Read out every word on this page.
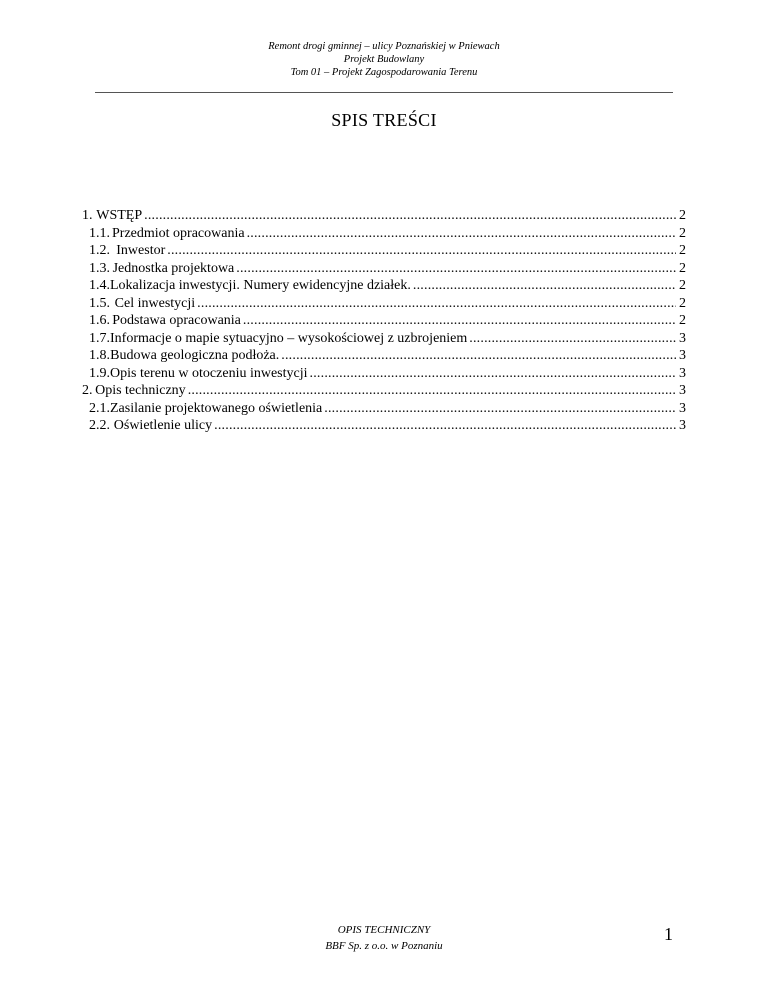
Remont drogi gminnej – ulicy Poznańskiej w Pniewach
Projekt Budowlany
Tom 01 – Projekt Zagospodarowania Terenu
SPIS TREŚCI
1. WSTĘP .....	2
1.1. Przedmiot opracowania .....	2
1.2. Inwestor .....	2
1.3. Jednostka projektowa .....	2
1.4. Lokalizacja inwestycji. Numery ewidencyjne działek. .....	2
1.5. Cel inwestycji .....	2
1.6. Podstawa opracowania .....	2
1.7. Informacje o mapie sytuacyjno – wysokościowej z uzbrojeniem .....	3
1.8. Budowa geologiczna podłoża. .....	3
1.9. Opis terenu w otoczeniu inwestycji .....	3
2. Opis techniczny .....	3
2.1. Zasilanie projektowanego oświetlenia .....	3
2.2. Oświetlenie ulicy .....	3
OPIS TECHNICZNY
BBF Sp. z o.o. w Poznaniu
1
